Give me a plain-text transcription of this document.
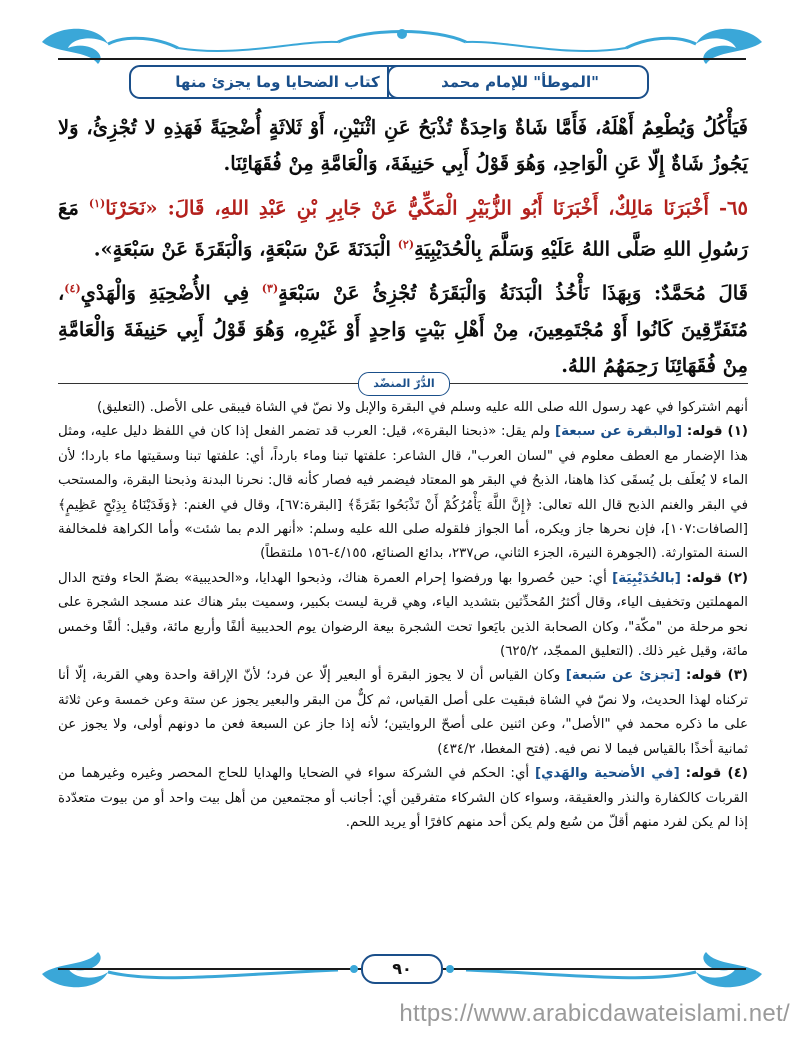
"الموطأ" للإمام محمد
كتاب الضحايا وما يجزئ منها

فَيَأْكُلُ وَيُطْعِمُ أَهْلَهُ، فَأَمَّا شَاةٌ وَاحِدَةٌ تُذْبَحُ عَنِ اثْنَيْنِ، أَوْ ثَلاثَةٍ أُضْحِيَةً فَهَذِهِ لا تُجْزِئُ، وَلا يَجُوزُ شَاةٌ إِلّا عَنِ الْوَاحِدِ، وَهُوَ قَوْلُ أَبِي حَنِيفَةَ، وَالْعَامَّةِ مِنْ فُقَهَائِنَا.

٦٥- أَخْبَرَنَا مَالِكٌ، أَخْبَرَنَا أَبُو الزُّبَيْرِ الْمَكِّيُّ عَنْ جَابِرِ بْنِ عَبْدِ اللهِ، قَالَ: «نَحَرْنَا$^{(١)}$ مَعَ رَسُولِ اللهِ صَلَّى اللهُ عَلَيْهِ وَسَلَّمَ بِالْحُدَيْبِيَةِ$^{(٢)}$ الْبَدَنَةَ عَنْ سَبْعَةٍ، وَالْبَقَرَةَ عَنْ سَبْعَةٍ».

قَالَ مُحَمَّدٌ: وَبِهَذَا نَأْخُذُ الْبَدَنَةُ وَالْبَقَرَةُ تُجْزِئُ عَنْ سَبْعَةٍ$^{(٣)}$ فِي الأُضْحِيَةِ وَالْهَدْيِ$^{(٤)}$، مُتَفَرِّقِينَ كَانُوا أَوْ مُجْتَمِعِينَ، مِنْ أَهْلِ بَيْتٍ وَاحِدٍ أَوْ غَيْرِهِ، وَهُوَ قَوْلُ أَبِي حَنِيفَةَ وَالْعَامَّةِ مِنْ فُقَهَائِنَا رَحِمَهُمُ اللهُ.

الدُّرّ المنضّد

أنهم اشتركوا في عهد رسول الله صلى الله عليه وسلم في البقرة والإبل ولا نصّ في الشاة فيبقى على الأصل. (التعليق)

(١) قوله: [والبقرة عن سبعة] ولم يقل: «ذبحنا البقرة»، قيل: العرب قد تضمر الفعل إذا كان في اللفظ دليل عليه، ومثل هذا الإضمار مع العطف معلوم في "لسان العرب"، قال الشاعر: علفتها تبنا وماء بارداً، أي: علفتها تبنا وسقيتها ماء باردا؛ لأن الماء لا يُعلَف بل يُسقَى كذا هاهنا، الذبحُ في البقر هو المعتاد فيضمر فيه فصار كأنه قال: نحرنا البدنة وذبحنا البقرة، والمستحب في البقر والغنم الذبح قال الله تعالى: ﴿إِنَّ اللَّهَ يَأْمُرُكُمْ أَنْ تَذْبَحُوا بَقَرَةً﴾ [البقرة:٦٧]، وقال في الغنم: ﴿وَفَدَيْنَاهُ بِذِبْحٍ عَظِيمٍ﴾ [الصافات:١٠٧]، فإن نحرها جاز ويكره، أما الجواز فلقوله صلى الله عليه وسلم: «أنهر الدم بما شئت» وأما الكراهة فلمخالفة السنة المتوارثة. (الجوهرة النيرة، الجزء الثاني، ص٢٣٧، بدائع الصنائع، ٤/١٥٥-١٥٦ ملتقطاً)

(٢) قوله: [بالحُدَيْبِيَة] أي: حين حُصروا بها ورفضوا إحرام العمرة هناك، وذبحوا الهدايا، و«الحديبية» بضمّ الحاء وفتح الدال المهملتين وتخفيف الياء، وقال أكثرُ المُحدِّثين بتشديد الياء، وهي قرية ليست بكبير، وسميت ببئر هناك عند مسجد الشجرة على نحو مرحلة من "مكّة"، وكان الصحابة الذين بايَعوا تحت الشجرة بيعة الرضوان يوم الحديبية ألفًا وأربع مائة، وقيل: ألفًا وخمس مائة، وقيل غير ذلك. (التعليق الممجّد، ٦٢٥/٢)

(٣) قوله: [تجزئ عن سَبعة] وكان القياس أن لا يجوز البقرة أو البعير إلّا عن فرد؛ لأنّ الإراقة واحدة وهي القربة، إلّا أنا تركناه لهذا الحديث، ولا نصّ في الشاة فبقيت على أصل القياس، ثم كلٌّ من البقر والبعير يجوز عن ستة وعن خمسة وعن ثلاثة على ما ذكره محمد في "الأصل"، وعن اثنين على أصحّ الروايتين؛ لأنه إذا جاز عن السبعة فعن ما دونهم أولى، ولا يجوز عن ثمانية أخذًا بالقياس فيما لا نص فيه. (فتح المغطا، ٤٣٤/٢)

(٤) قوله: [في الأضحية والهَدي] أي: الحكم في الشركة سواء في الضحايا والهدايا للحاج المحصر وغيره وغيرهما من القربات كالكفارة والنذر والعقيقة، وسواء كان الشركاء متفرقين أي: أجانب أو مجتمعين من أهل بيت واحد أو من بيوت متعدّدة إذا لم يكن لفرد منهم أقلّ من سُبع ولم يكن أحد منهم كافرًا أو يريد اللحم.

٩٠
https://www.arabicdawateislami.net/
